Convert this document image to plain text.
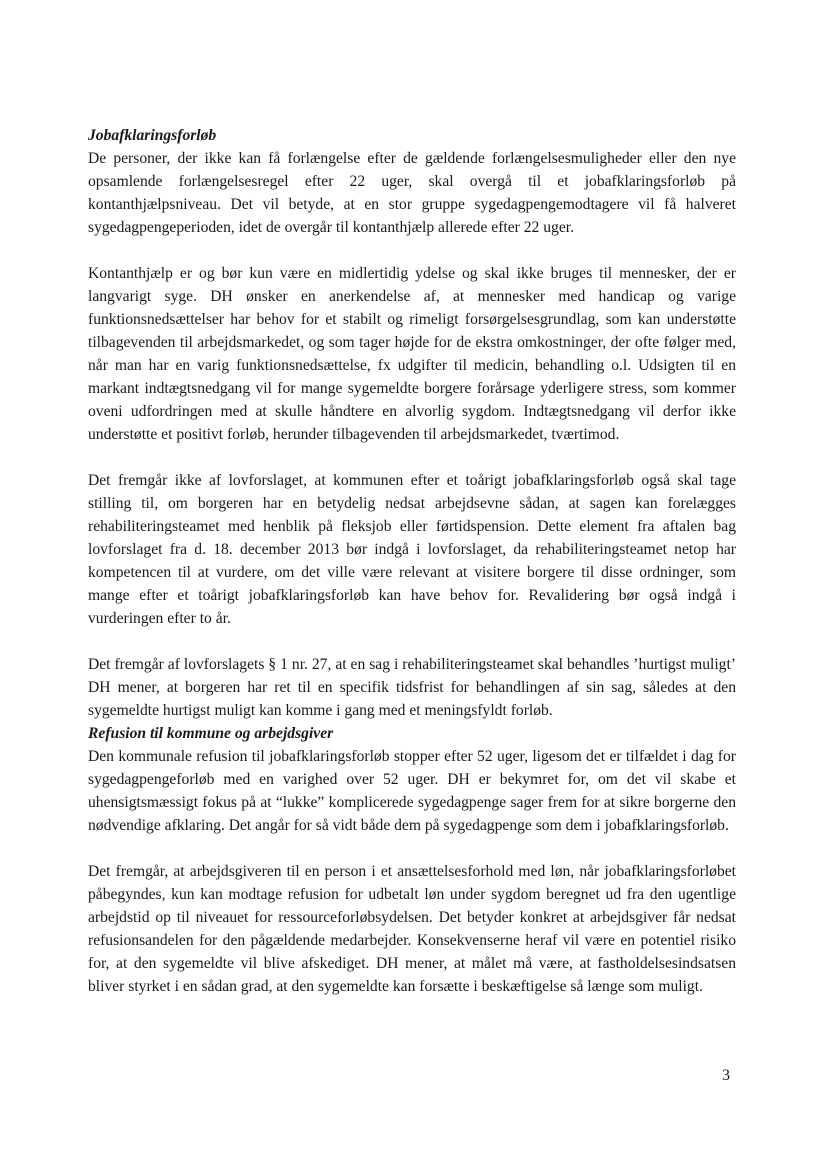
Jobafklaringsforløb

De personer, der ikke kan få forlængelse efter de gældende forlængelsesmuligheder eller den nye opsamlende forlængelsesregel efter 22 uger, skal overgå til et jobafklaringsforløb på kontanthjælpsniveau. Det vil betyde, at en stor gruppe sygedagpengemodtagere vil få halveret sygedagpengeperioden, idet de overgår til kontanthjælp allerede efter 22 uger.

Kontanthjælp er og bør kun være en midlertidig ydelse og skal ikke bruges til mennesker, der er langvarigt syge. DH ønsker en anerkendelse af, at mennesker med handicap og varige funktionsnedsættelser har behov for et stabilt og rimeligt forsørgelsesgrundlag, som kan understøtte tilbagevenden til arbejdsmarkedet, og som tager højde for de ekstra omkostninger, der ofte følger med, når man har en varig funktionsnedsættelse, fx udgifter til medicin, behandling o.l. Udsigten til en markant indtægtsnedgang vil for mange sygemeldte borgere forårsage yderligere stress, som kommer oveni udfordringen med at skulle håndtere en alvorlig sygdom. Indtægtsnedgang vil derfor ikke understøtte et positivt forløb, herunder tilbagevenden til arbejdsmarkedet, tværtimod.

Det fremgår ikke af lovforslaget, at kommunen efter et toårigt jobafklaringsforløb også skal tage stilling til, om borgeren har en betydelig nedsat arbejdsevne sådan, at sagen kan forelægges rehabiliteringsteamet med henblik på fleksjob eller førtidspension. Dette element fra aftalen bag lovforslaget fra d. 18. december 2013 bør indgå i lovforslaget, da rehabiliteringsteamet netop har kompetencen til at vurdere, om det ville være relevant at visitere borgere til disse ordninger, som mange efter et toårigt jobafklaringsforløb kan have behov for. Revalidering bør også indgå i vurderingen efter to år.

Det fremgår af lovforslagets § 1 nr. 27, at en sag i rehabiliteringsteamet skal behandles ’hurtigst muligt’ DH mener, at borgeren har ret til en specifik tidsfrist for behandlingen af sin sag, således at den sygemeldte hurtigst muligt kan komme i gang med et meningsfyldt forløb.

Refusion til kommune og arbejdsgiver

Den kommunale refusion til jobafklaringsforløb stopper efter 52 uger, ligesom det er tilfældet i dag for sygedagpengeforløb med en varighed over 52 uger. DH er bekymret for, om det vil skabe et uhensigtsmæssigt fokus på at “lukke” komplicerede sygedagpenge sager frem for at sikre borgerne den nødvendige afklaring. Det angår for så vidt både dem på sygedagpenge som dem i jobafklaringsforløb.

Det fremgår, at arbejdsgiveren til en person i et ansættelsesforhold med løn, når jobafklaringsforløbet påbegyndes, kun kan modtage refusion for udbetalt løn under sygdom beregnet ud fra den ugentlige arbejdstid op til niveauet for ressourceforløbsydelsen. Det betyder konkret at arbejdsgiver får nedsat refusionsandelen for den pågældende medarbejder. Konsekvenserne heraf vil være en potentiel risiko for, at den sygemeldte vil blive afskediget. DH mener, at målet må være, at fastholdelsesindsatsen bliver styrket i en sådan grad, at den sygemeldte kan forsætte i beskæftigelse så længe som muligt.

3
